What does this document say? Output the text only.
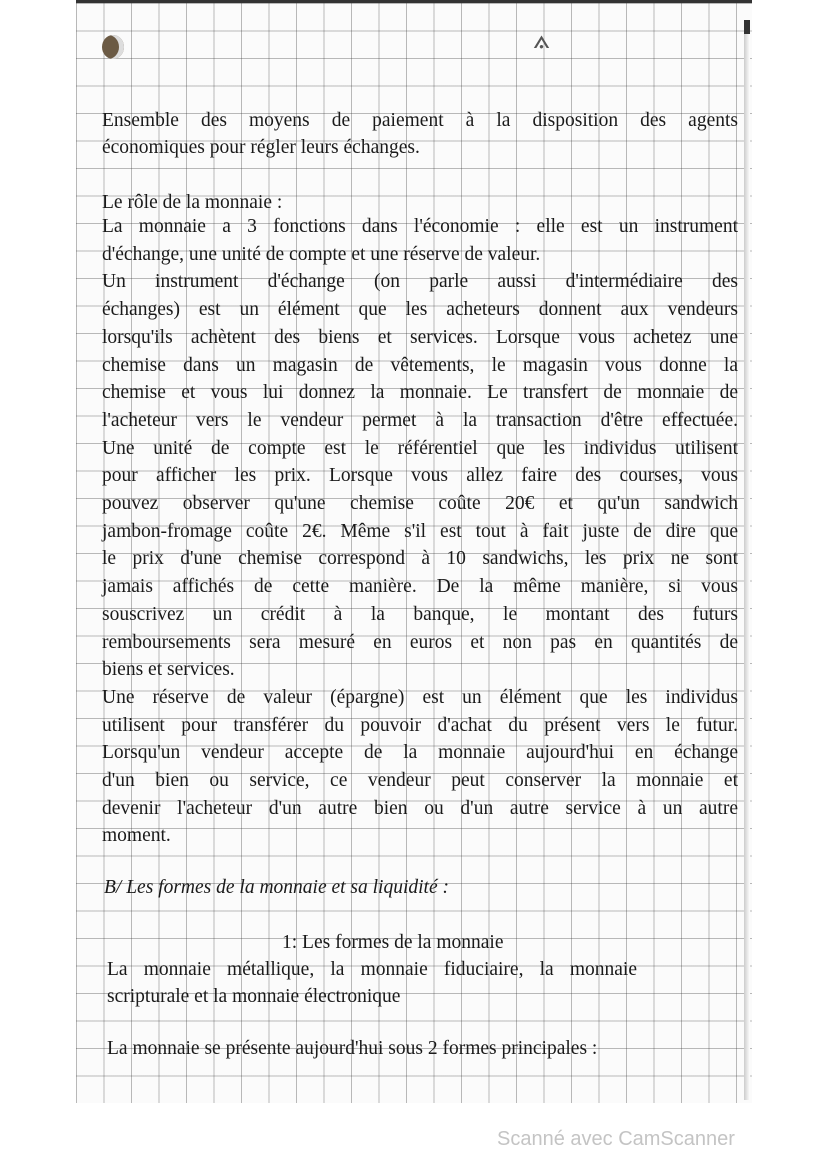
⟑
Ensemble des moyens de paiement à la disposition des agents
économiques pour régler leurs échanges.
Le rôle de la monnaie :
La monnaie a 3 fonctions dans l'économie : elle est un instrument
d'échange, une unité de compte et une réserve de valeur.
Un instrument d'échange (on parle aussi d'intermédiaire des
échanges) est un élément que les acheteurs donnent aux vendeurs
lorsqu'ils achètent des biens et services. Lorsque vous achetez une
chemise dans un magasin de vêtements, le magasin vous donne la
chemise et vous lui donnez la monnaie. Le transfert de monnaie de
l'acheteur vers le vendeur permet à la transaction d'être effectuée.
Une unité de compte est le référentiel que les individus utilisent
pour afficher les prix. Lorsque vous allez faire des courses, vous
pouvez observer qu'une chemise coûte 20€ et qu'un sandwich
jambon-fromage coûte 2€. Même s'il est tout à fait juste de dire que
le prix d'une chemise correspond à 10 sandwichs, les prix ne sont
jamais affichés de cette manière. De la même manière, si vous
souscrivez un crédit à la banque, le montant des futurs
remboursements sera mesuré en euros et non pas en quantités de
biens et services.
Une réserve de valeur (épargne) est un élément que les individus
utilisent pour transférer du pouvoir d'achat du présent vers le futur.
Lorsqu'un vendeur accepte de la monnaie aujourd'hui en échange
d'un bien ou service, ce vendeur peut conserver la monnaie et
devenir l'acheteur d'un autre bien ou d'un autre service à un autre
moment.
B/ Les formes de la monnaie et sa liquidité :
1: Les formes de la monnaie
La monnaie métallique, la monnaie fiduciaire, la monnaie
scripturale et la monnaie électronique
La monnaie se présente aujourd'hui sous 2 formes principales :
Scanné avec CamScanner
